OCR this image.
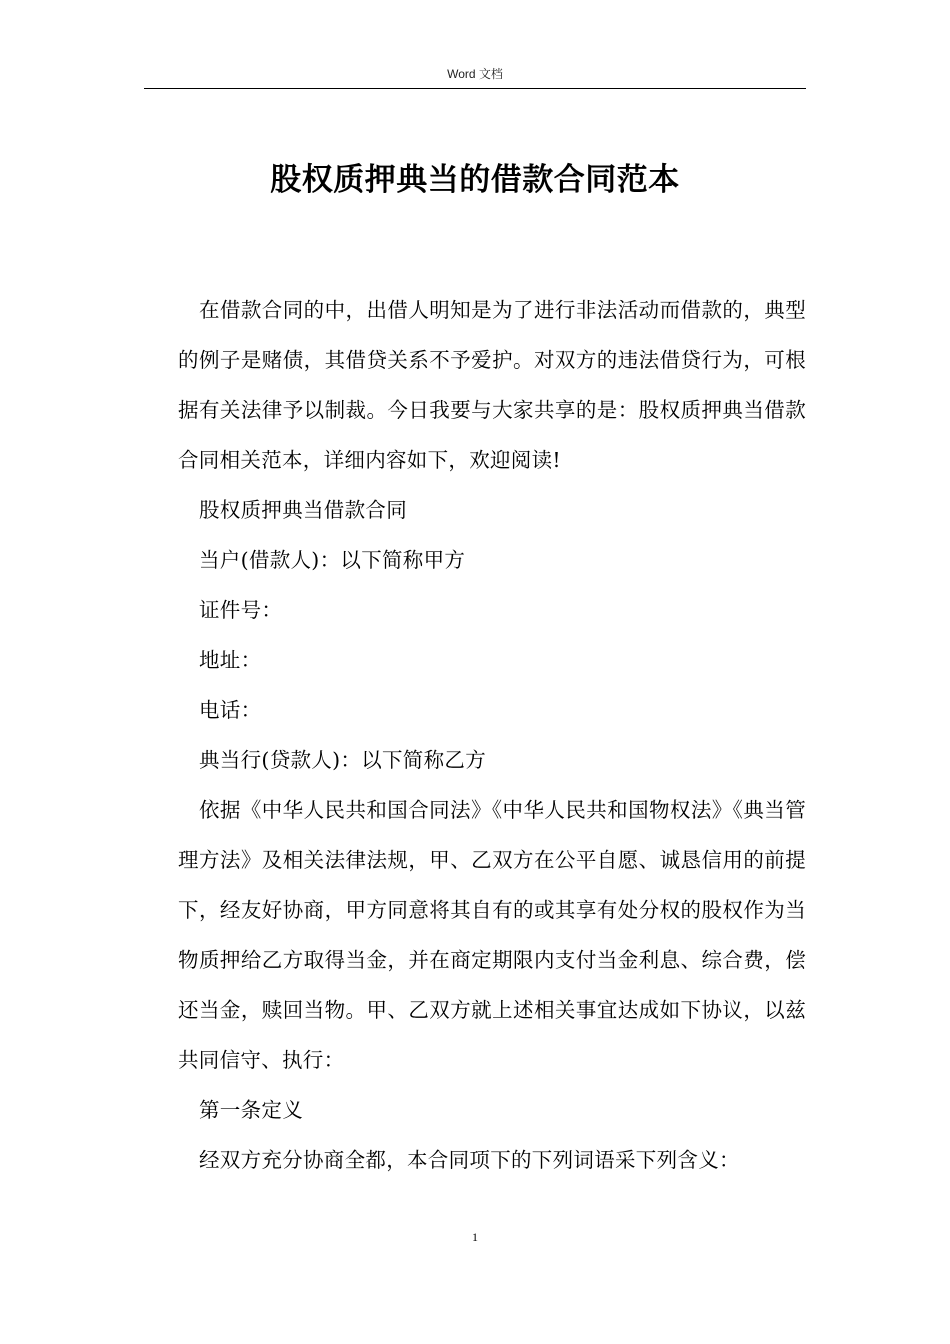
Word 文档
股权质押典当的借款合同范本

在借款合同的中，出借人明知是为了进行非法活动而借款的，典型的例子是赌债，其借贷关系不予爱护。对双方的违法借贷行为，可根据有关法律予以制裁。今日我要与大家共享的是：股权质押典当借款合同相关范本，详细内容如下，欢迎阅读!

股权质押典当借款合同

当户(借款人)：以下简称甲方

证件号：

地址：

电话：

典当行(贷款人)：以下简称乙方

依据《中华人民共和国合同法》《中华人民共和国物权法》《典当管理方法》及相关法律法规，甲、乙双方在公平自愿、诚恳信用的前提下，经友好协商，甲方同意将其自有的或其享有处分权的股权作为当物质押给乙方取得当金，并在商定期限内支付当金利息、综合费，偿还当金，赎回当物。甲、乙双方就上述相关事宜达成如下协议，以兹共同信守、执行：

第一条定义

经双方充分协商全都，本合同项下的下列词语采下列含义：

1
